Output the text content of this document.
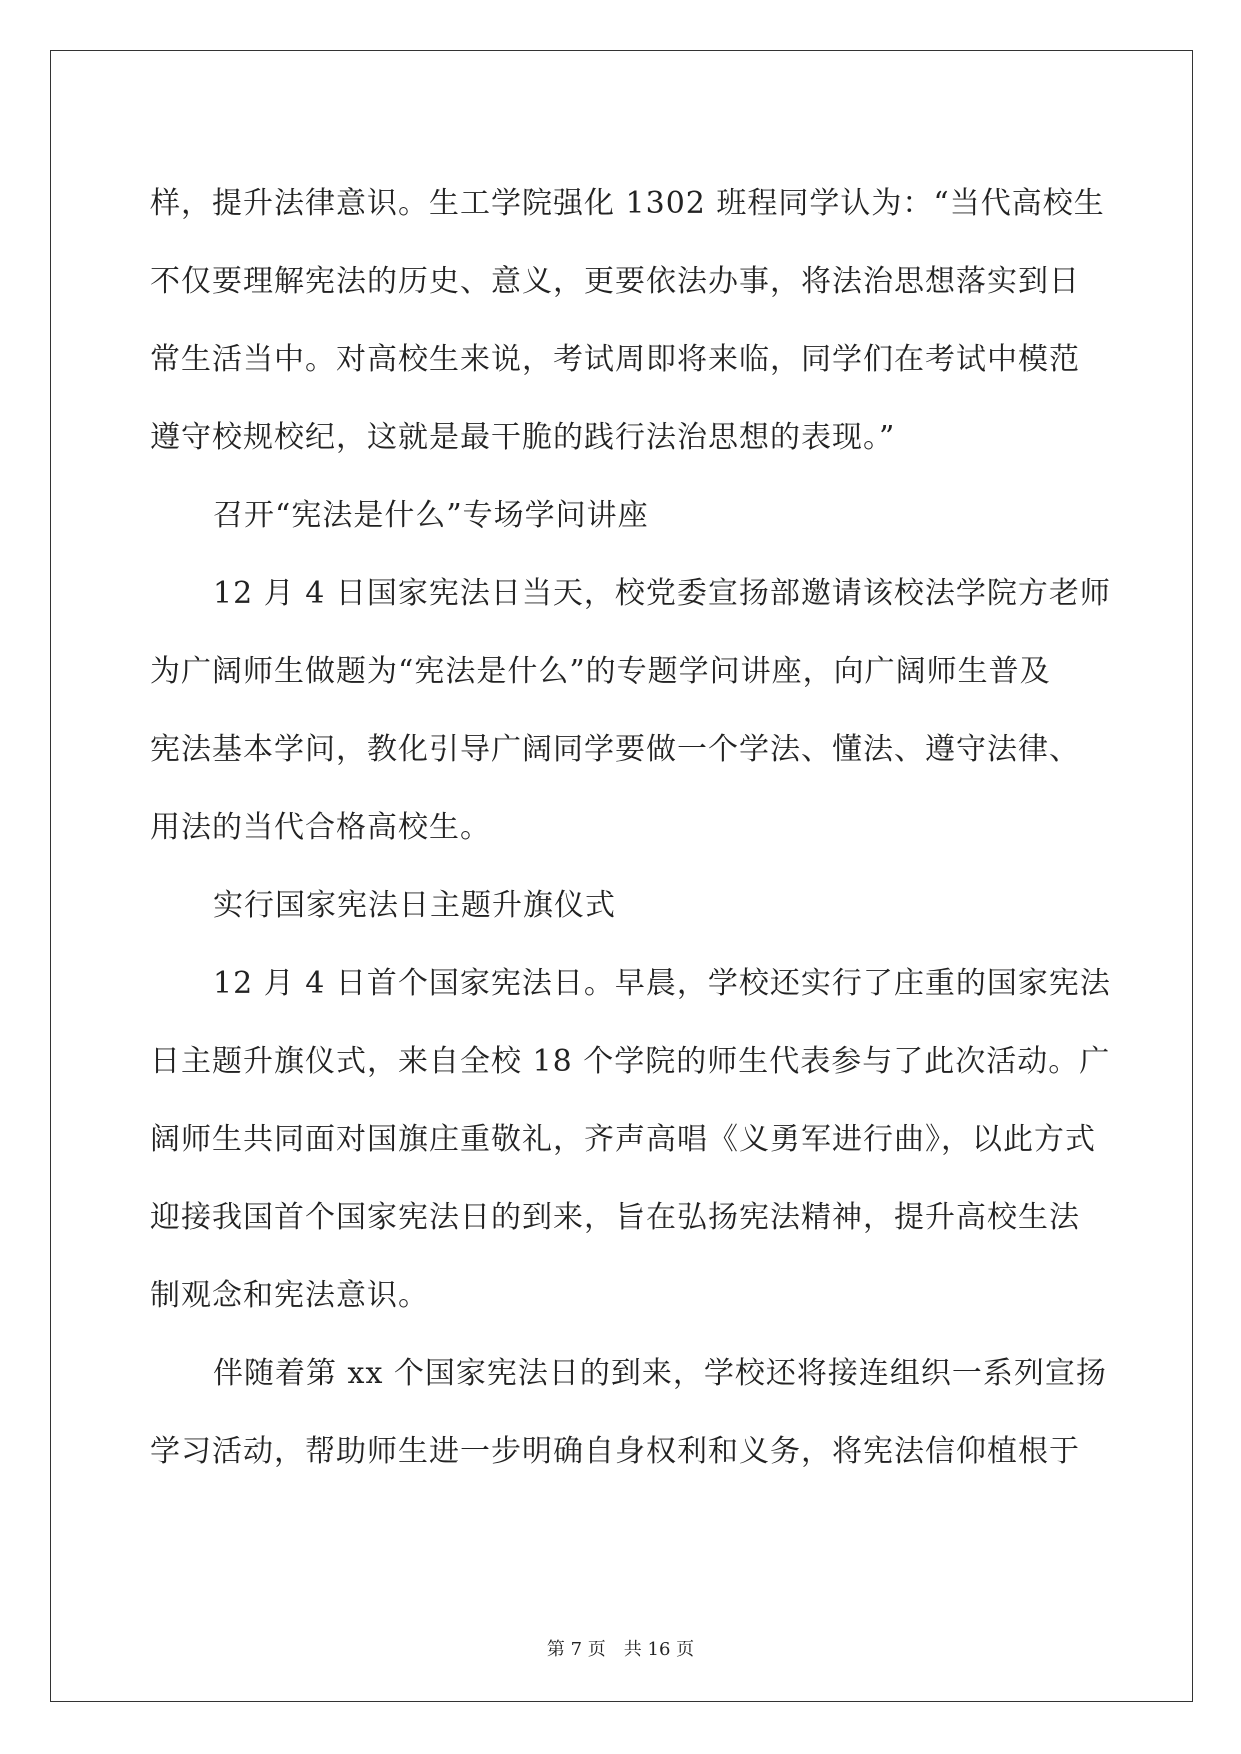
样，提升法律意识。生工学院强化 1302 班程同学认为：“当代高校生
不仅要理解宪法的历史、意义，更要依法办事，将法治思想落实到日
常生活当中。对高校生来说，考试周即将来临，同学们在考试中模范
遵守校规校纪，这就是最干脆的践行法治思想的表现。”
召开“宪法是什么”专场学问讲座
12 月 4 日国家宪法日当天，校党委宣扬部邀请该校法学院方老师
为广阔师生做题为“宪法是什么”的专题学问讲座，向广阔师生普及
宪法基本学问，教化引导广阔同学要做一个学法、懂法、遵守法律、
用法的当代合格高校生。
实行国家宪法日主题升旗仪式
12 月 4 日首个国家宪法日。早晨，学校还实行了庄重的国家宪法
日主题升旗仪式，来自全校 18 个学院的师生代表参与了此次活动。广
阔师生共同面对国旗庄重敬礼，齐声高唱《义勇军进行曲》，以此方式
迎接我国首个国家宪法日的到来，旨在弘扬宪法精神，提升高校生法
制观念和宪法意识。
伴随着第 xx 个国家宪法日的到来，学校还将接连组织一系列宣扬
学习活动，帮助师生进一步明确自身权利和义务，将宪法信仰植根于
第 7 页　共 16 页
